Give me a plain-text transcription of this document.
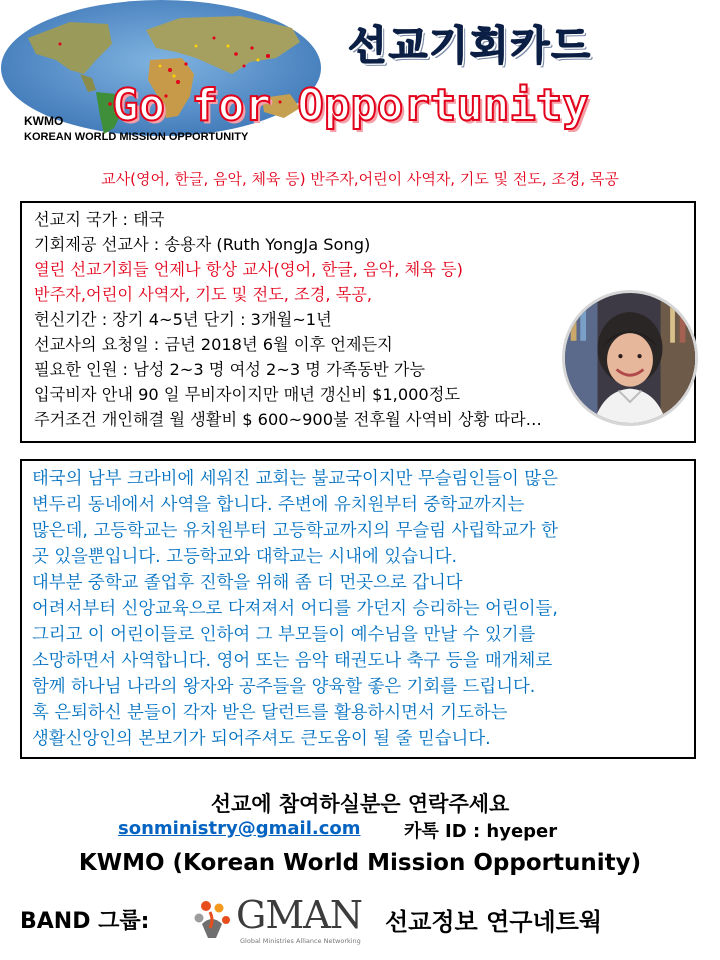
선교기회카드
Go for Opportunity
KWMO
KOREAN WORLD MISSION OPPORTUNITY
교사(영어, 한글, 음악, 체육 등) 반주자,어린이 사역자, 기도 및 전도, 조경, 목공
선교지 국가 : 태국
기회제공 선교사 : 송용자 (Ruth YongJa Song)
열린 선교기회들 언제나 항상 교사(영어, 한글, 음악, 체육 등)
반주자,어린이 사역자, 기도 및 전도, 조경, 목공,
헌신기간 : 장기 4~5년 단기 : 3개월~1년
선교사의 요청일 : 금년 2018년 6월 이후 언제든지
필요한 인원 : 남성 2~3 명 여성 2~3 명 가족동반 가능
입국비자 안내 90 일 무비자이지만 매년 갱신비 $1,000정도
주거조건 개인해결 월 생활비 $ 600~900불 전후월 사역비 상황 따라…
태국의 남부 크라비에 세워진 교회는 불교국이지만 무슬림인들이 많은
변두리 동네에서 사역을 합니다. 주변에 유치원부터 중학교까지는
많은데, 고등학교는 유치원부터 고등학교까지의 무슬림 사립학교가 한
곳 있을뿐입니다. 고등학교와 대학교는 시내에 있습니다.
대부분 중학교 졸업후 진학을 위해 좀 더 먼곳으로 갑니다
어려서부터 신앙교육으로 다져져서 어디를 가던지 승리하는 어린이들,
그리고 이 어린이들로 인하여 그 부모들이 예수님을 만날 수 있기를
소망하면서 사역합니다. 영어 또는 음악 태권도나 축구 등을 매개체로
함께 하나님 나라의 왕자와 공주들을 양육할 좋은 기회를 드립니다.
혹 은퇴하신 분들이 각자 받은 달런트를 활용하시면서 기도하는
생활신앙인의 본보기가 되어주셔도 큰도움이 될 줄 믿습니다.
선교에 참여하실분은 연락주세요
sonministry@gmail.com 카톡 ID : hyeper
KWMO (Korean World Mission Opportunity)
BAND 그룹: GMAN
Global Ministries Alliance Networking
선교정보 연구네트웍
